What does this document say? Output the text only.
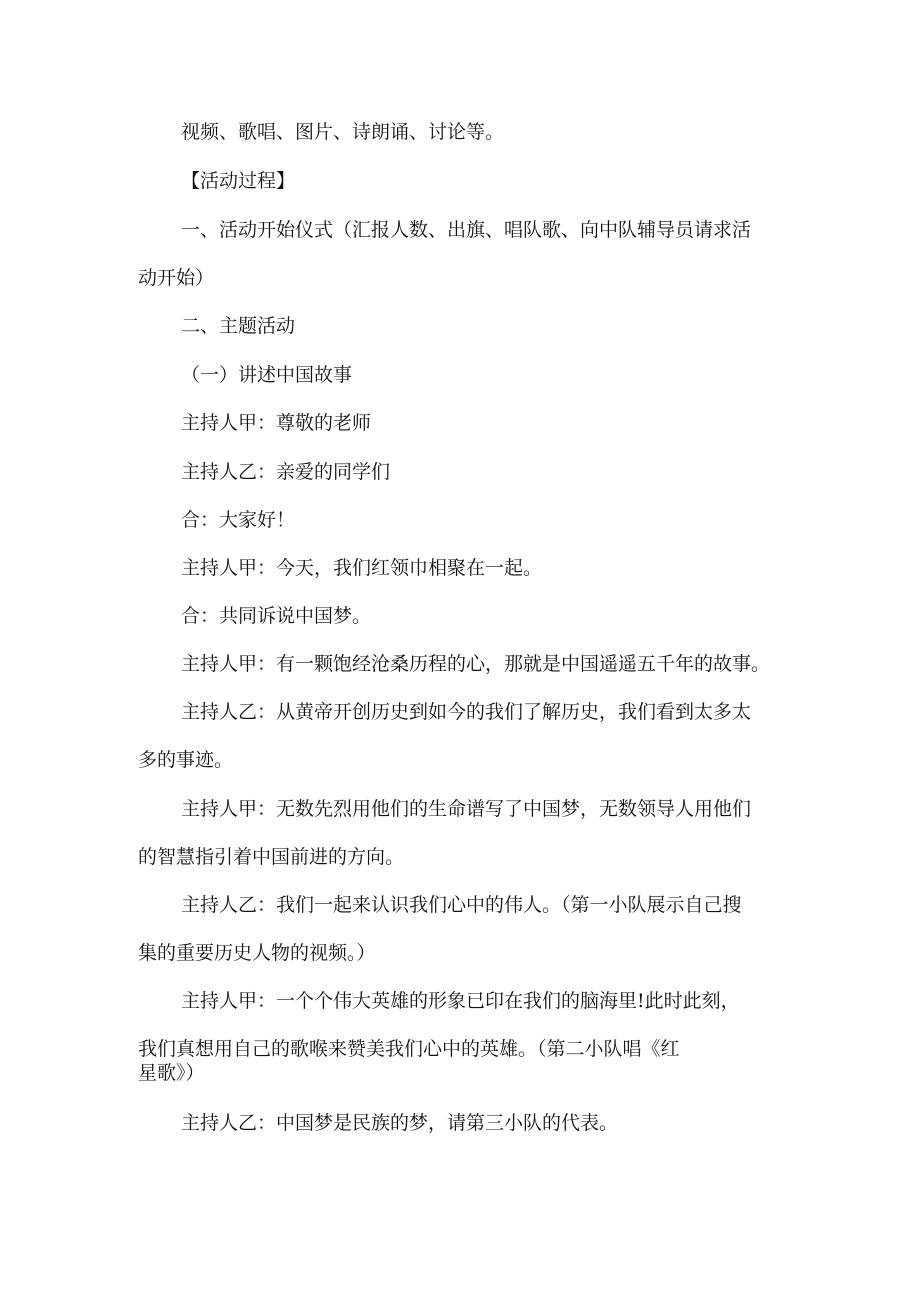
视频、歌唱、图片、诗朗诵、讨论等。

【活动过程】

一、活动开始仪式（汇报人数、出旗、唱队歌、向中队辅导员请求活
动开始）

二、主题活动

（一）讲述中国故事

主持人甲：尊敬的老师

主持人乙：亲爱的同学们

合：大家好！

主持人甲：今天，我们红领巾相聚在一起。

合：共同诉说中国梦。

主持人甲：有一颗饱经沧桑历程的心，那就是中国遥遥五千年的故事。

主持人乙：从黄帝开创历史到如今的我们了解历史，我们看到太多太
多的事迹。

主持人甲：无数先烈用他们的生命谱写了中国梦，无数领导人用他们
的智慧指引着中国前进的方向。

主持人乙：我们一起来认识我们心中的伟人。（第一小队展示自己搜
集的重要历史人物的视频。）

主持人甲：一个个伟大英雄的形象已印在我们的脑海里!此时此刻，
我们真想用自己的歌喉来赞美我们心中的英雄。（第二小队唱《红
星歌》）

主持人乙：中国梦是民族的梦，请第三小队的代表。
